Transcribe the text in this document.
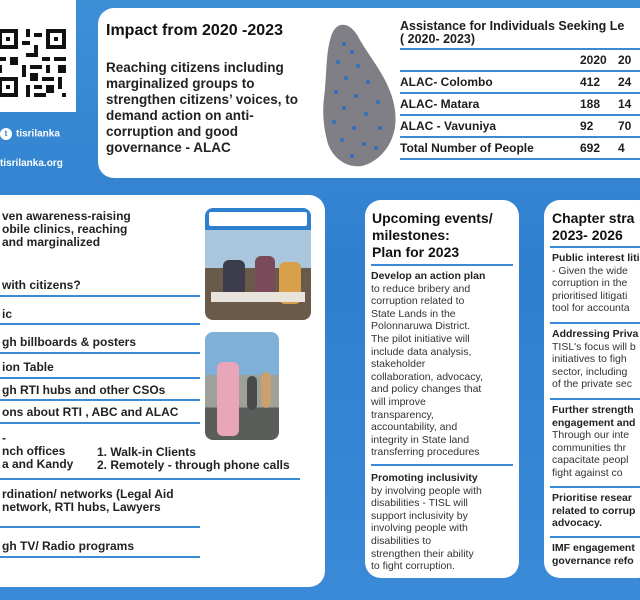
t tisrilanka
tisrilanka.org
Impact from 2020 -2023
Reaching citizens including marginalized groups to strengthen citizens’ voices, to demand action on anti-corruption and good governance - ALAC
Assistance for Individuals Seeking Le
( 2020- 2023)
2020 20
ALAC- Colombo	412	24
ALAC- Matara	188	14
ALAC - Vavuniya	92	70
Total Number of People	692	4
ven awareness-raising
obile clinics, reaching
and marginalized
with citizens?
ic
gh billboards & posters
ion Table
gh RTI hubs and other CSOs
ons about RTI , ABC and ALAC
-
nch offices
a and Kandy
1. Walk-in Clients
2. Remotely - through phone calls
rdination/ networks (Legal Aid
network, RTI hubs, Lawyers
gh TV/ Radio programs
Upcoming events/
milestones:
Plan for 2023
Develop an action plan
to reduce bribery and
corruption related to
State Lands in the
Polonnaruwa District.
The pilot initiative will
include data analysis,
stakeholder
collaboration, advocacy,
and policy changes that
will improve
transparency,
accountability, and
integrity in State land
transferring procedures
Promoting inclusivity
by involving people with
disabilities - TISL will
support inclusivity by
involving people with
disabilities to
strengthen their ability
to fight corruption.
Chapter stra
2023- 2026
Public interest liti
- Given the wide
corruption in the
prioritised litigati
tool for accounta
Addressing Priva
TISL's focus will b
initiatives to figh
sector, including
of the private sec
Further strength
engagement and
Through our inte
communities thr
capacitate peopl
fight against co
Prioritise resear
related to corrup
advocacy.
IMF engagement
governance refo
